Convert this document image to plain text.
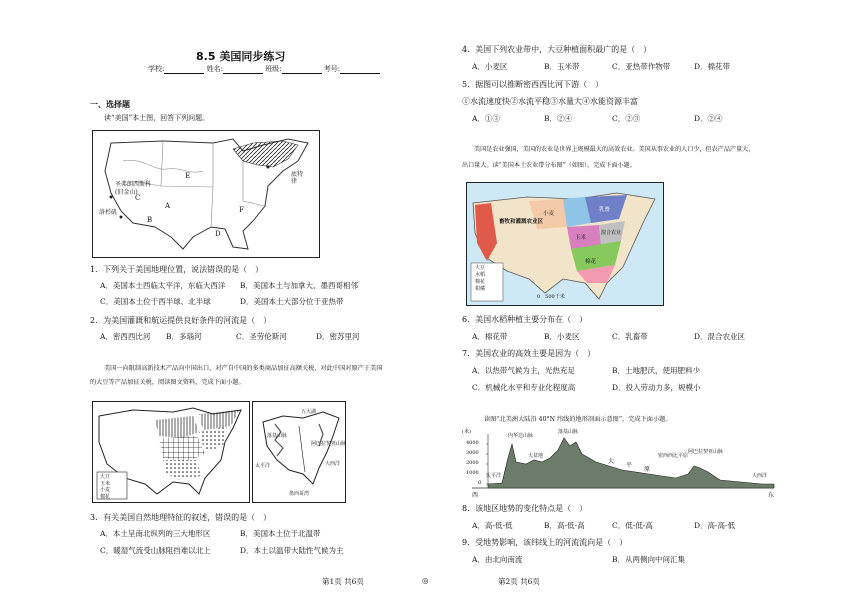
8.5 美国同步练习
学校:	姓名:	班级:	考号:
一、选择题
读“美国”本土图，回答下列问题。
E
F
A
C
B
D
圣弗朗西斯科
(旧金山)
洛杉矶
底特
律
1．下列关于美国地理位置，说法错误的是（　）
A．美国本土西临太平洋，东临大西洋 B．美国本土与加拿大、墨西哥相邻
C．美国本土位于西半球、北半球	D．美国本土大部分位于亚热带
2．为美国灌溉和航运提供良好条件的河流是（　）
A．密西西比河 B．多瑙河	C．圣劳伦斯河	D．密苏里河
美国一向限制高新技术产品向中国出口，对产自中国的多类商品加征高额关税，对此中国对原产于美国
的大豆等产品加征关税，阅读图文资料，完成下面小题。
大豆
玉米
小麦
棉花
五大湖
太平洋	大西洋
墨西哥湾
落基山脉
阿巴拉契亚山脉
3．有关美国自然地理特征的叙述，错误的是（　）
A．本土呈南北纵列的三大地形区	B．美国本土位于北温带
C．暖湿气流受山脉阻挡难以北上	D．本土以温带大陆性气候为主
第1页 共6页	◎
4．美国下列农业带中，大豆种植面积最广的是（　）
A．小麦区	B．玉米带	C．亚热带作物带	D．棉花带
5．据图可以推断密西西比河下游（　）
①水流速度快②水流平稳③水量大④水能资源丰富
A．①③	B．②④	C．②③	D．②④
美国是农业强国，美国的农业是世界上规模最大的高效农业。美国从事农业的人口少，但农产品产量大，
出口量大。读“美国本土农业带分布图”（如图），完成下面小题。
畜牧和灌溉农业区
小麦
玉米
乳畜
棉花
混合农业
大豆
水稻
棉花
柑橘
0　500千米
6．美国水稻种植主要分布在（　）
A．棉花带	B．小麦区	C．乳畜带	D．混合农业区
7．美国农业的高效主要是因为（　）
A．以热带气候为主，光热充足	B．土地肥沃，使用肥料少
C．机械化水平和专业化程度高	D．投入劳动力多，规模小
读图“北美洲大陆沿 40°N 纬线的地形剖面示意图”，完成下面小题。
(米)
4000
3000
2000
1000
0
太平洋
内华达山脉
大盆地
落基山脉
大
平
原
密西西比平原
阿巴拉契亚山脉
大西洋
西	东
8．该地区地势的变化特点是（　）
A．高-低-低	B．高-低-高	C．低-低-高	D．高-高-低
9．受地势影响，该纬线上的河流流向是（　）
A．由北向南流	B．从两侧向中间汇集
第2页 共6页
